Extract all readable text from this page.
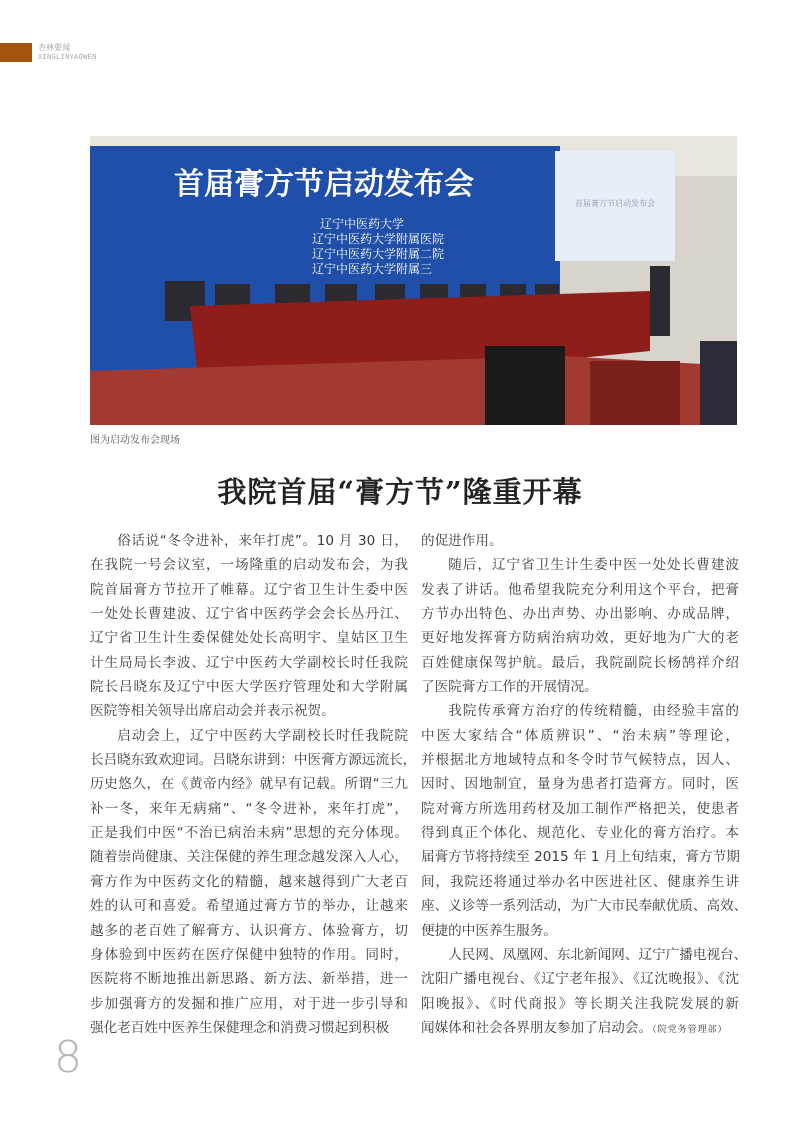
杏林要闻
XINGLINYAOWEN
首届膏方节启动发布会
辽宁中医药大学
辽宁中医药大学附属医院
辽宁中医药大学附属二院
辽宁中医药大学附属三
首届膏方节启动发布会
图为启动发布会现场
我院首届“膏方节”隆重开幕
俗话说“冬令进补，来年打虎”。10 月 30 日，
在我院一号会议室，一场隆重的启动发布会，为我
院首届膏方节拉开了帷幕。辽宁省卫生计生委中医
一处处长曹建波、辽宁省中医药学会会长丛丹江、
辽宁省卫生计生委保健处处长高明宇、皇姑区卫生
计生局局长李波、辽宁中医药大学副校长时任我院
院长吕晓东及辽宁中医大学医疗管理处和大学附属
医院等相关领导出席启动会并表示祝贺。
启动会上，辽宁中医药大学副校长时任我院院
长吕晓东致欢迎词。吕晓东讲到：中医膏方源远流长，
历史悠久，在《黄帝内经》就早有记载。所谓“三九
补一冬，来年无病痛”、“冬令进补，来年打虎”，
正是我们中医“不治已病治未病”思想的充分体现。
随着崇尚健康、关注保健的养生理念越发深入人心，
膏方作为中医药文化的精髓，越来越得到广大老百
姓的认可和喜爱。希望通过膏方节的举办，让越来
越多的老百姓了解膏方、认识膏方、体验膏方，切
身体验到中医药在医疗保健中独特的作用。同时，
医院将不断地推出新思路、新方法、新举措，进一
步加强膏方的发掘和推广应用，对于进一步引导和
强化老百姓中医养生保健理念和消费习惯起到积极
的促进作用。
随后，辽宁省卫生计生委中医一处处长曹建波
发表了讲话。他希望我院充分利用这个平台，把膏
方节办出特色、办出声势、办出影响、办成品牌，
更好地发挥膏方防病治病功效，更好地为广大的老
百姓健康保驾护航。最后，我院副院长杨鹄祥介绍
了医院膏方工作的开展情况。
我院传承膏方治疗的传统精髓，由经验丰富的
中医大家结合“体质辨识”、“治未病”等理论，
并根据北方地域特点和冬令时节气候特点，因人、
因时、因地制宜，量身为患者打造膏方。同时，医
院对膏方所选用药材及加工制作严格把关，使患者
得到真正个体化、规范化、专业化的膏方治疗。本
届膏方节将持续至 2015 年 1 月上旬结束，膏方节期
间，我院还将通过举办名中医进社区、健康养生讲
座、义诊等一系列活动，为广大市民奉献优质、高效、
便捷的中医养生服务。
人民网、凤凰网、东北新闻网、辽宁广播电视台、
沈阳广播电视台、《辽宁老年报》、《辽沈晚报》、《沈
阳晚报》、《时代商报》等长期关注我院发展的新
闻媒体和社会各界朋友参加了启动会。（院党务管理部）
8
